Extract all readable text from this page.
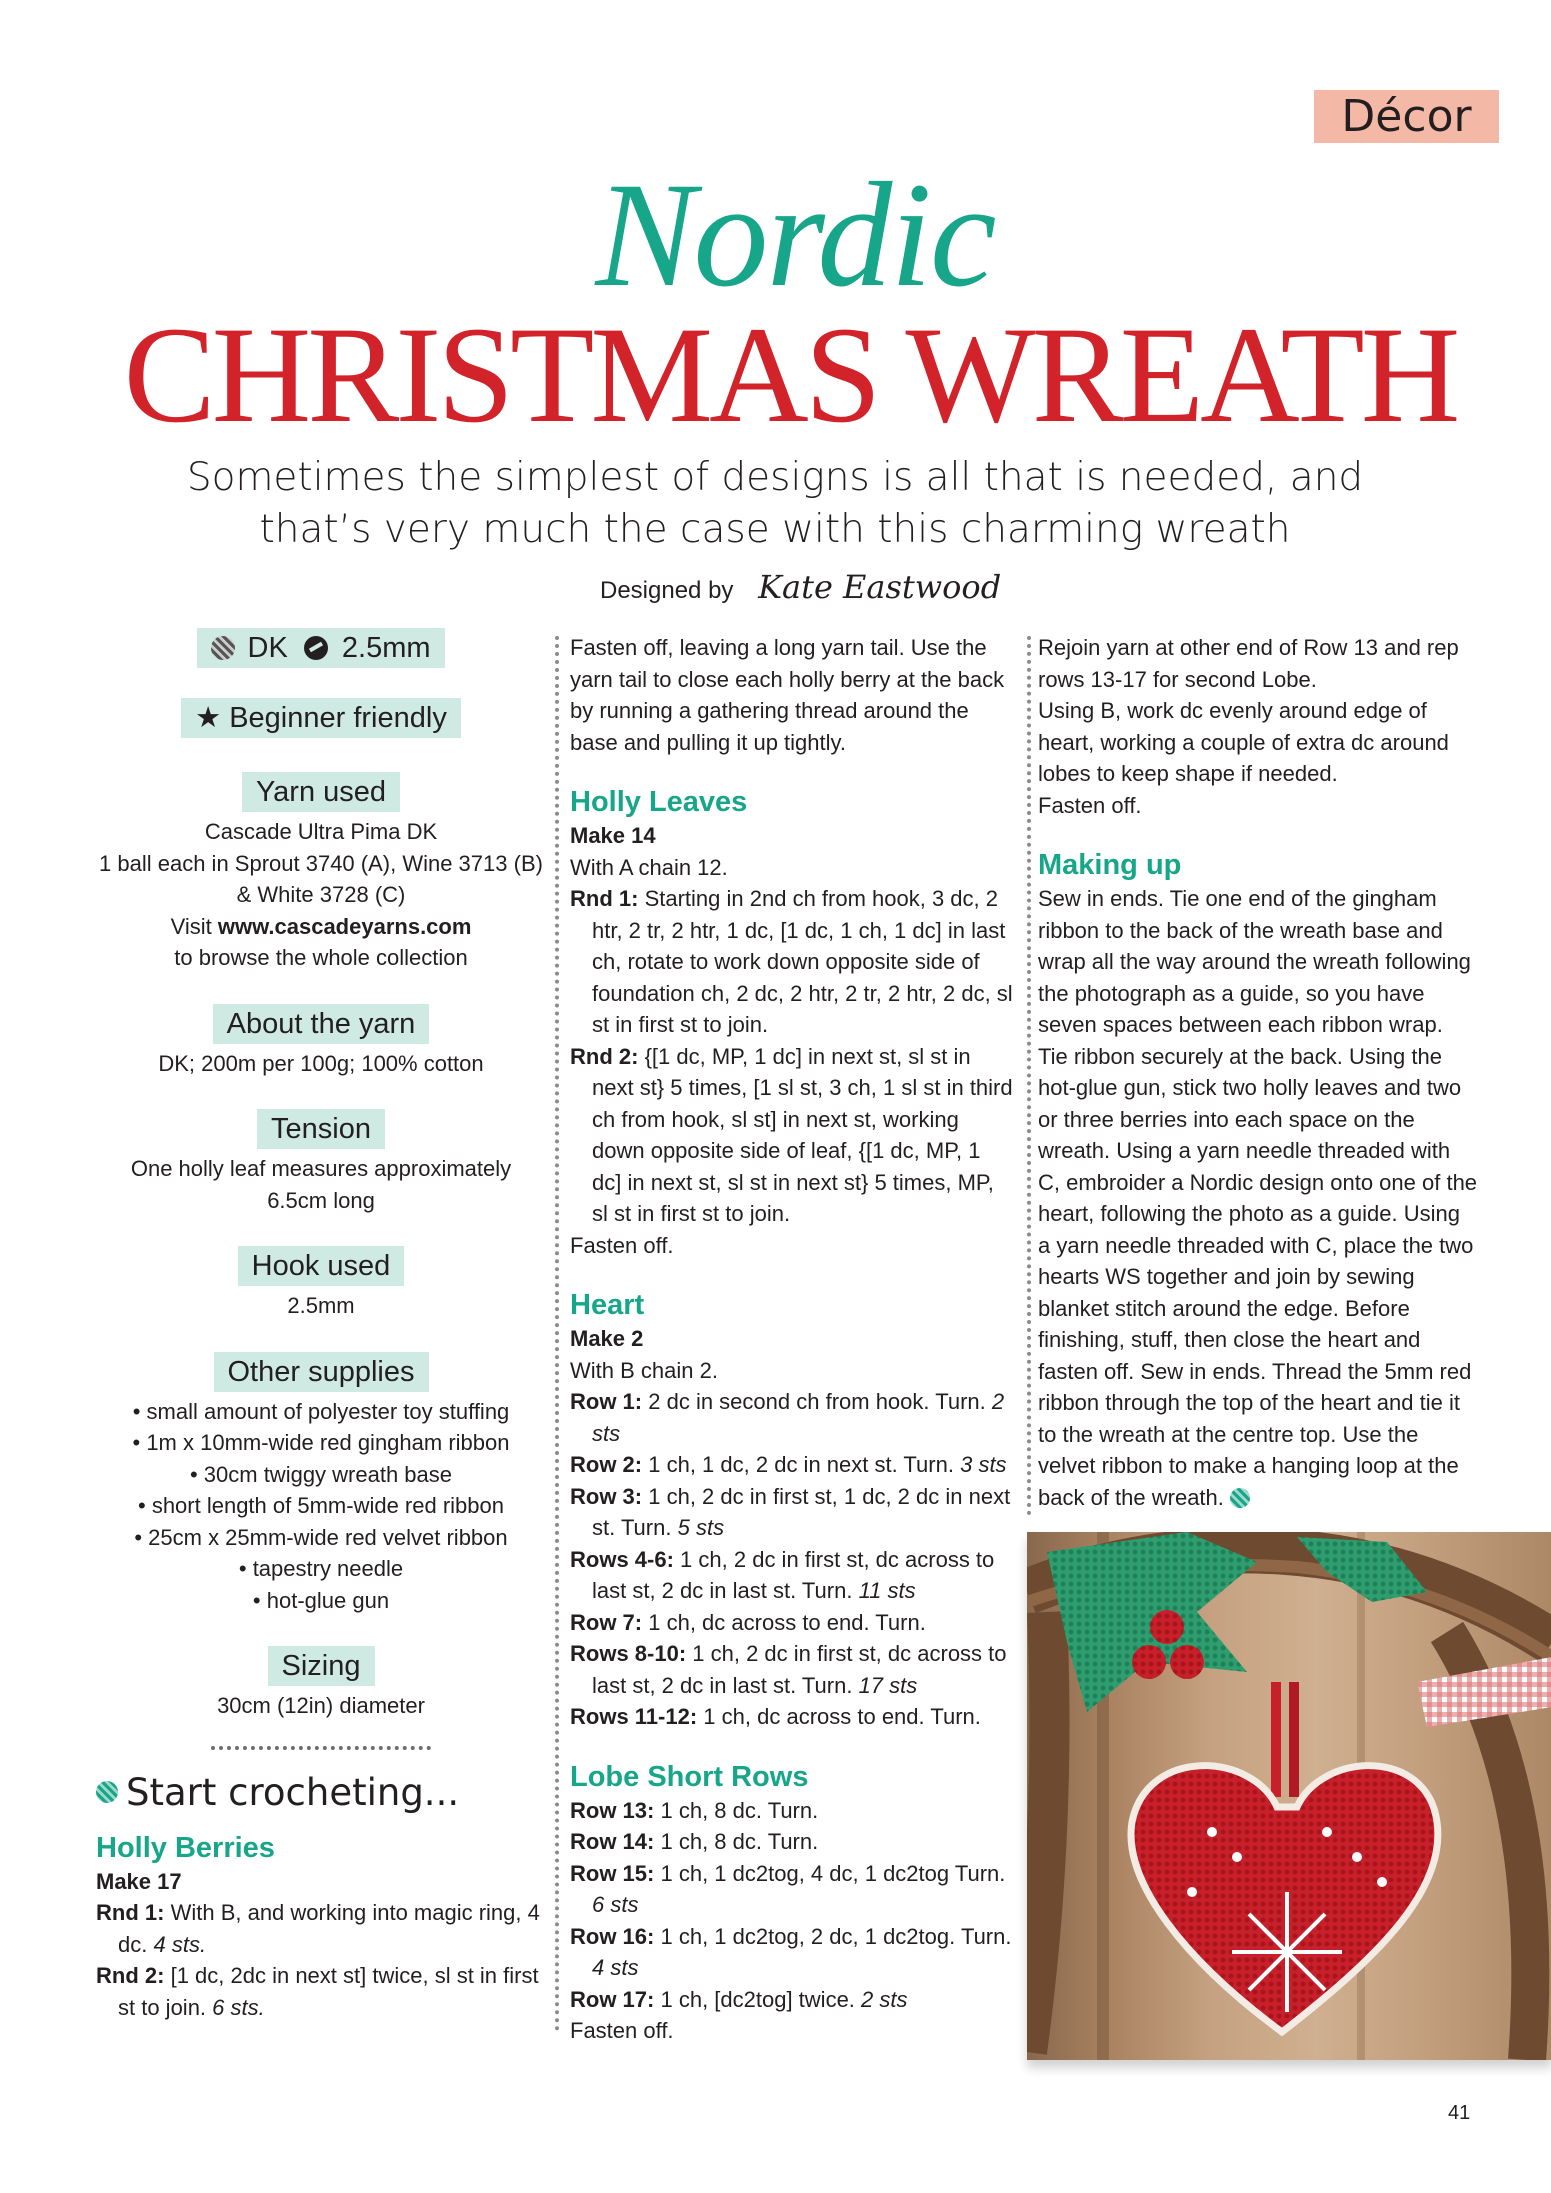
Décor
Nordic
CHRISTMAS WREATH
Sometimes the simplest of designs is all that is needed, and that’s very much the case with this charming wreath
Designed by Kate Eastwood
DK 2.5mm
★ Beginner friendly
Yarn used

Cascade Ultra Pima DK

1 ball each in Sprout 3740 (A), Wine 3713 (B) & White 3728 (C)

Visit www.cascadeyarns.com

to browse the whole collection

About the yarn

DK; 200m per 100g; 100% cotton

Tension

One holly leaf measures approximately 6.5cm long

Hook used

2.5mm

Other supplies
• small amount of polyester toy stuffing
• 1m x 10mm-wide red gingham ribbon
• 30cm twiggy wreath base
• short length of 5mm-wide red ribbon
• 25cm x 25mm-wide red velvet ribbon
• tapestry needle
• hot-glue gun
Sizing

30cm (12in) diameter

Start crocheting...
Holly Berries
Make 17

Rnd 1: With B, and working into magic ring, 4 dc. 4 sts.

Rnd 2: [1 dc, 2dc in next st] twice, sl st in first st to join. 6 sts.

Fasten off, leaving a long yarn tail. Use the yarn tail to close each holly berry at the back by running a gathering thread around the base and pulling it up tightly.

Holly Leaves
Make 14

With A chain 12.

Rnd 1: Starting in 2nd ch from hook, 3 dc, 2 htr, 2 tr, 2 htr, 1 dc, [1 dc, 1 ch, 1 dc] in last ch, rotate to work down opposite side of foundation ch, 2 dc, 2 htr, 2 tr, 2 htr, 2 dc, sl st in first st to join.

Rnd 2: {[1 dc, MP, 1 dc] in next st, sl st in next st} 5 times, [1 sl st, 3 ch, 1 sl st in third ch from hook, sl st] in next st, working down opposite side of leaf, {[1 dc, MP, 1 dc] in next st, sl st in next st} 5 times, MP, sl st in first st to join.

Fasten off.

Heart
Make 2

With B chain 2.

Row 1: 2 dc in second ch from hook. Turn. 2 sts

Row 2: 1 ch, 1 dc, 2 dc in next st. Turn. 3 sts

Row 3: 1 ch, 2 dc in first st, 1 dc, 2 dc in next st. Turn. 5 sts

Rows 4-6: 1 ch, 2 dc in first st, dc across to last st, 2 dc in last st. Turn. 11 sts

Row 7: 1 ch, dc across to end. Turn.

Rows 8-10: 1 ch, 2 dc in first st, dc across to last st, 2 dc in last st. Turn. 17 sts

Rows 11-12: 1 ch, dc across to end. Turn.

Lobe Short Rows

Row 13: 1 ch, 8 dc. Turn.

Row 14: 1 ch, 8 dc. Turn.

Row 15: 1 ch, 1 dc2tog, 4 dc, 1 dc2tog Turn. 6 sts

Row 16: 1 ch, 1 dc2tog, 2 dc, 1 dc2tog. Turn. 4 sts

Row 17: 1 ch, [dc2tog] twice. 2 sts

Fasten off.

Rejoin yarn at other end of Row 13 and rep rows 13-17 for second Lobe.

Using B, work dc evenly around edge of heart, working a couple of extra dc around lobes to keep shape if needed.

Fasten off.

Making up

Sew in ends. Tie one end of the gingham ribbon to the back of the wreath base and wrap all the way around the wreath following the photograph as a guide, so you have seven spaces between each ribbon wrap. Tie ribbon securely at the back. Using the hot-glue gun, stick two holly leaves and two or three berries into each space on the wreath. Using a yarn needle threaded with C, embroider a Nordic design onto one of the heart, following the photo as a guide. Using a yarn needle threaded with C, place the two hearts WS together and join by sewing blanket stitch around the edge. Before finishing, stuff, then close the heart and fasten off. Sew in ends. Thread the 5mm red ribbon through the top of the heart and tie it to the wreath at the centre top. Use the velvet ribbon to make a hanging loop at the back of the wreath.

41
